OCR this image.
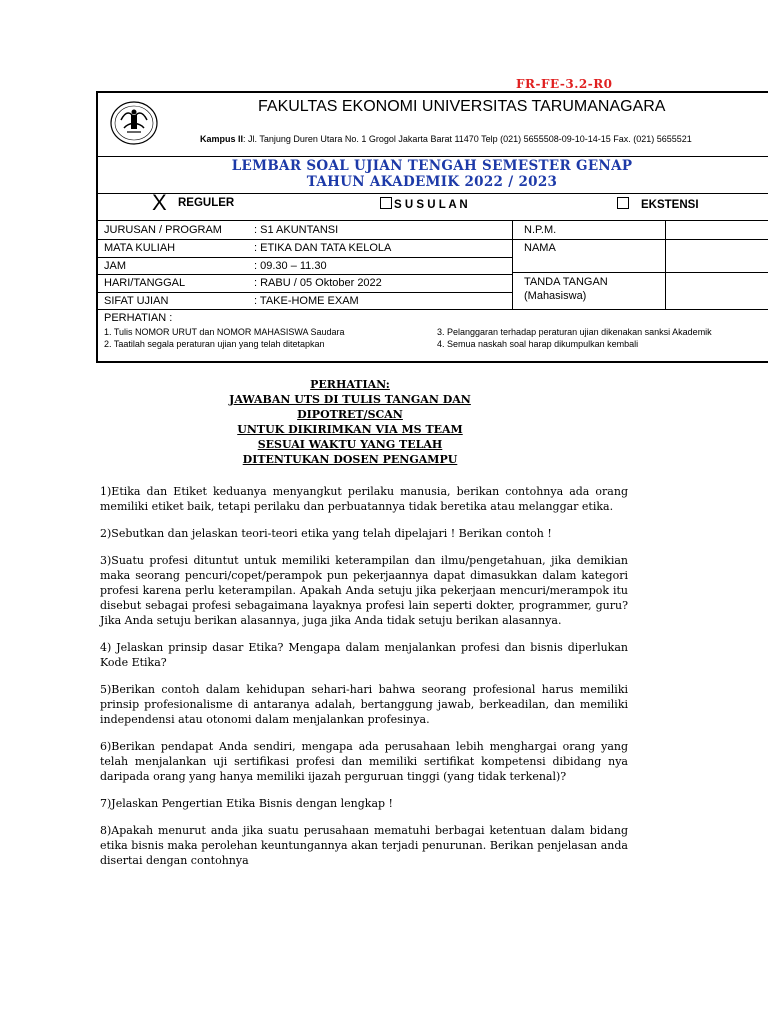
FR-FE-3.2-R0
FAKULTAS EKONOMI UNIVERSITAS TARUMANAGARA
Kampus II: Jl. Tanjung Duren Utara No. 1 Grogol Jakarta Barat 11470 Telp (021) 5655508-09-10-14-15 Fax. (021) 5655521
LEMBAR SOAL UJIAN TENGAH SEMESTER GENAP
TAHUN AKADEMIK 2022 / 2023
X REGULER	S U S U L A N	EKSTENSI
JURUSAN / PROGRAM	: S1 AKUNTANSI
MATA KULIAH	: ETIKA DAN TATA KELOLA
JAM	: 09.30 – 11.30
HARI/TANGGAL	: RABU / 05 Oktober 2022
SIFAT UJIAN	: TAKE-HOME EXAM
N.P.M.
NAMA
TANDA TANGAN
(Mahasiswa)
PERHATIAN :
1. Tulis NOMOR URUT dan NOMOR MAHASISWA Saudara
2. Taatilah segala peraturan ujian yang telah ditetapkan
3. Pelanggaran terhadap peraturan ujian dikenakan sanksi Akademik
4. Semua naskah soal harap dikumpulkan kembali
PERHATIAN:
JAWABAN UTS DI TULIS TANGAN DAN
DIPOTRET/SCAN
UNTUK DIKIRIMKAN VIA MS TEAM
SESUAI WAKTU YANG TELAH
DITENTUKAN DOSEN PENGAMPU

1)Etika dan Etiket keduanya menyangkut perilaku manusia, berikan contohnya ada orang memiliki etiket baik, tetapi perilaku dan perbuatannya tidak beretika atau melanggar etika.

2)Sebutkan dan jelaskan teori-teori etika yang telah dipelajari ! Berikan contoh !

3)Suatu profesi dituntut untuk memiliki keterampilan dan ilmu/pengetahuan, jika demikian maka seorang pencuri/copet/perampok pun pekerjaannya dapat dimasukkan dalam kategori profesi karena perlu keterampilan. Apakah Anda setuju jika pekerjaan mencuri/merampok itu disebut sebagai profesi sebagaimana layaknya profesi lain seperti dokter, programmer, guru? Jika Anda setuju berikan alasannya, juga jika Anda tidak setuju berikan alasannya.

4) Jelaskan prinsip dasar Etika? Mengapa dalam menjalankan profesi dan bisnis diperlukan Kode Etika?

5)Berikan contoh dalam kehidupan sehari-hari bahwa seorang profesional harus memiliki prinsip profesionalisme di antaranya adalah, bertanggung jawab, berkeadilan, dan memiliki independensi atau otonomi dalam menjalankan profesinya.

6)Berikan pendapat Anda sendiri, mengapa ada perusahaan lebih menghargai orang yang telah menjalankan uji sertifikasi profesi dan memiliki sertifikat kompetensi dibidang nya daripada orang yang hanya memiliki ijazah perguruan tinggi (yang tidak terkenal)?

7)Jelaskan Pengertian Etika Bisnis dengan lengkap !

8)Apakah menurut anda jika suatu perusahaan mematuhi berbagai ketentuan dalam bidang etika bisnis maka perolehan keuntungannya akan terjadi penurunan. Berikan penjelasan anda disertai dengan contohnya
